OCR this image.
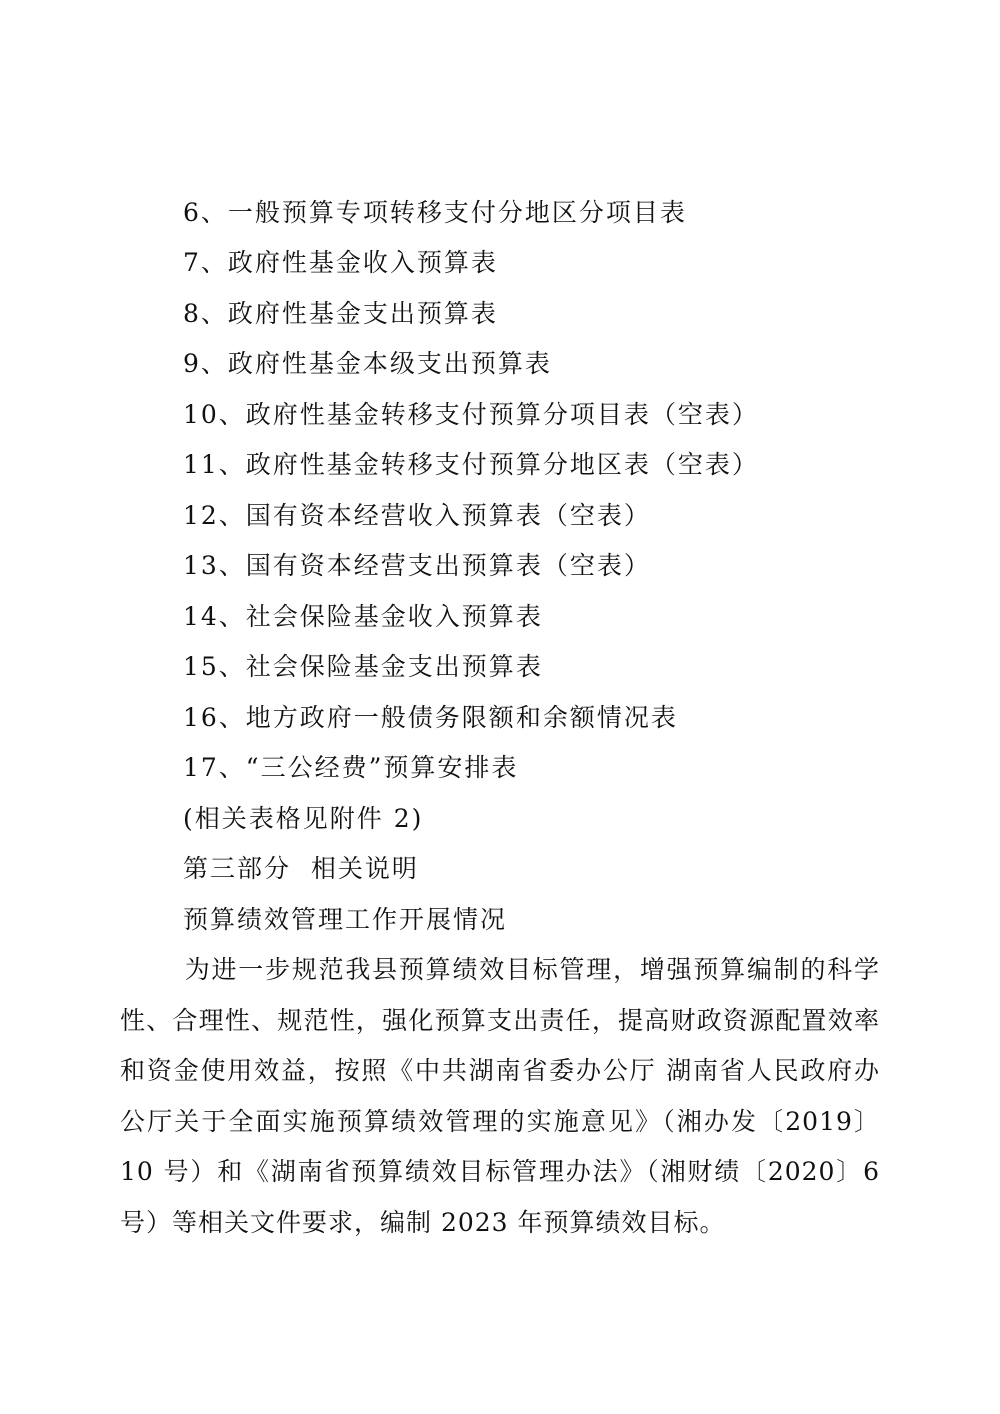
6、一般预算专项转移支付分地区分项目表
7、政府性基金收入预算表
8、政府性基金支出预算表
9、政府性基金本级支出预算表
10、政府性基金转移支付预算分项目表（空表）
11、政府性基金转移支付预算分地区表（空表）
12、国有资本经营收入预算表（空表）
13、国有资本经营支出预算表（空表）
14、社会保险基金收入预算表
15、社会保险基金支出预算表
16、地方政府一般债务限额和余额情况表
17、“三公经费”预算安排表
(相关表格见附件 2)
第三部分  相关说明
预算绩效管理工作开展情况
为进一步规范我县预算绩效目标管理，增强预算编制的科学性、合理性、规范性，强化预算支出责任，提高财政资源配置效率和资金使用效益，按照《中共湖南省委办公厅 湖南省人民政府办公厅关于全面实施预算绩效管理的实施意见》（湘办发〔2019〕10 号）和《湖南省预算绩效目标管理办法》（湘财绩〔2020〕6 号）等相关文件要求，编制 2023 年预算绩效目标。
